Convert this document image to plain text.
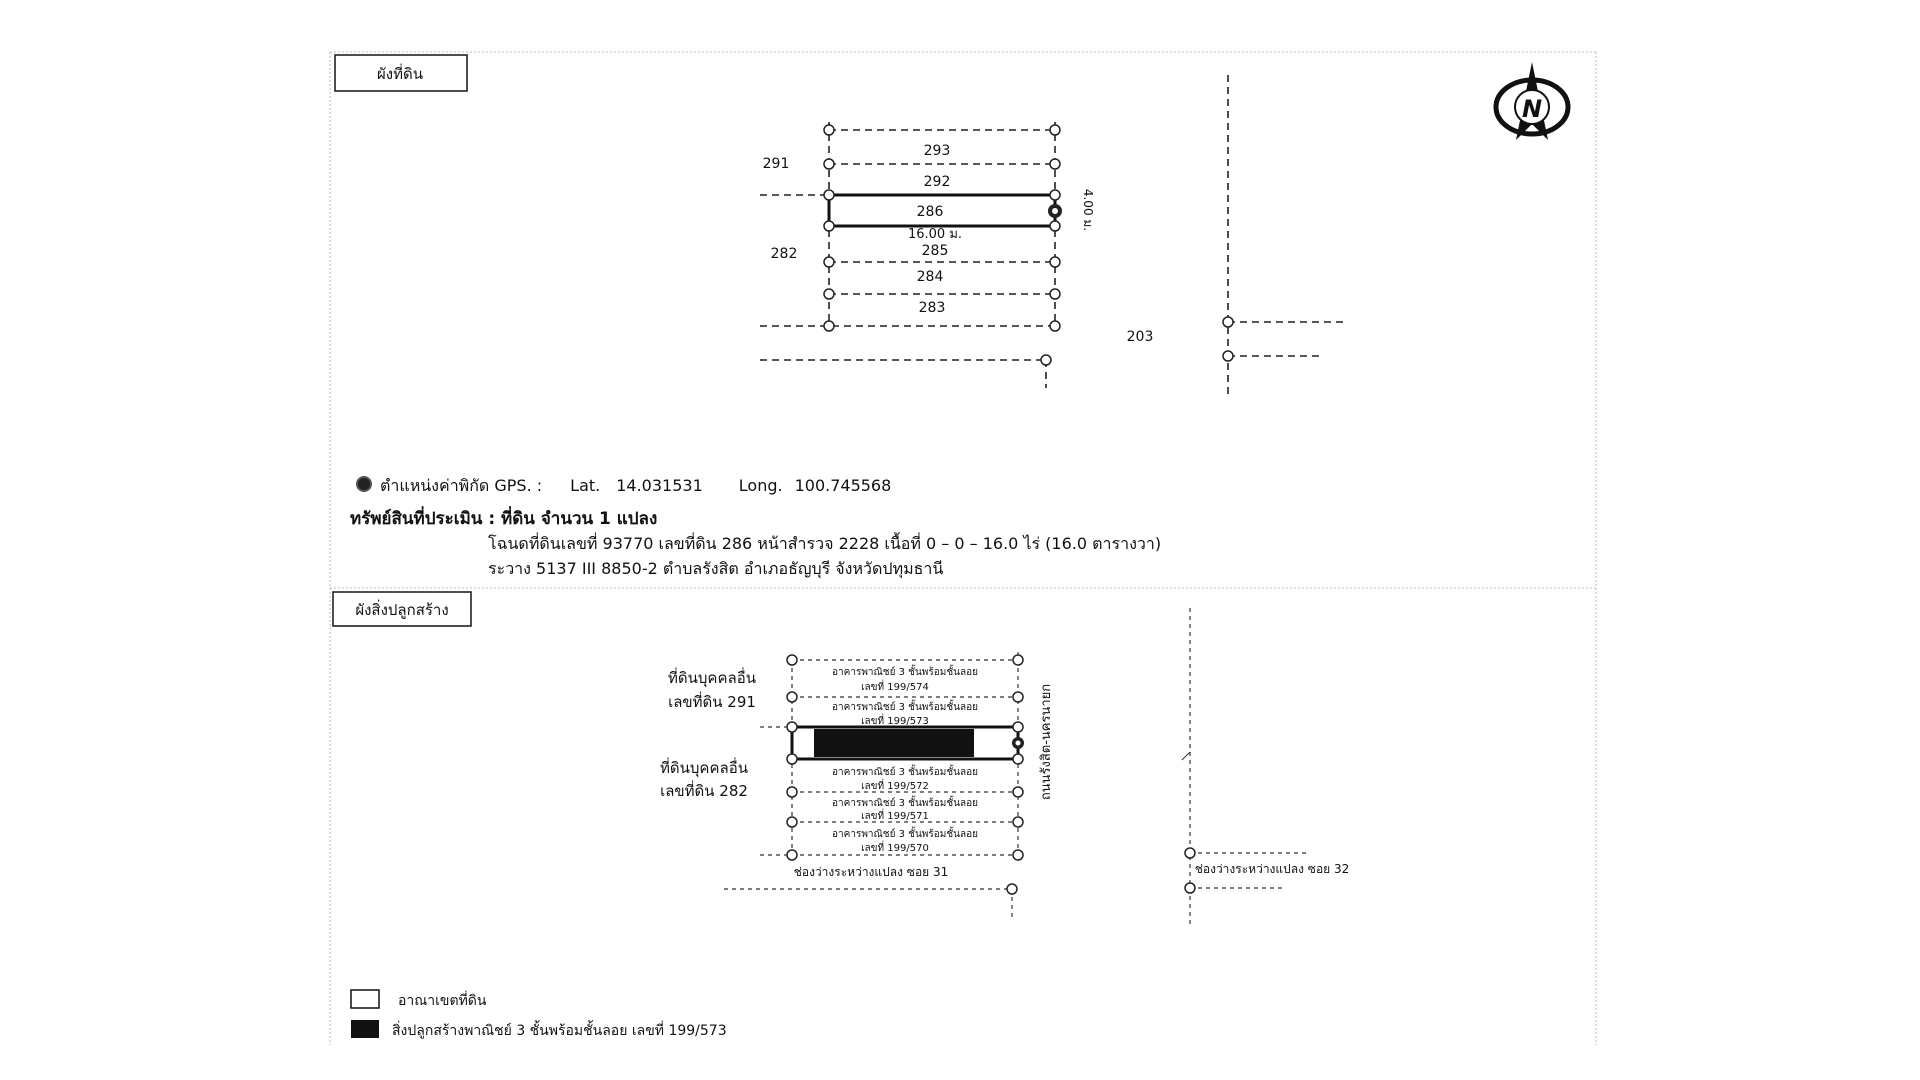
ผังที่ดิน
N
293
292
286
16.00 ม.
285
284
283
291
282
203
4.00 ม.
ผังสิ่งปลูกสร้าง
อาคารพาณิชย์ 3 ชั้นพร้อมชั้นลอย
เลขที่ 199/574
อาคารพาณิชย์ 3 ชั้นพร้อมชั้นลอย
เลขที่ 199/573
อาคารพาณิชย์ 3 ชั้นพร้อมชั้นลอย
เลขที่ 199/572
อาคารพาณิชย์ 3 ชั้นพร้อมชั้นลอย
เลขที่ 199/571
อาคารพาณิชย์ 3 ชั้นพร้อมชั้นลอย
เลขที่ 199/570
ที่ดินบุคคลอื่น
เลขที่ดิน 291
ที่ดินบุคคลอื่น
เลขที่ดิน 282	ถนนรังสิต-นครนายก
ช่องว่างระหว่างแปลง ซอย 31	ช่องว่างระหว่างแปลง ซอย 32
อาณาเขตที่ดิน
สิ่งปลูกสร้างพาณิชย์ 3 ชั้นพร้อมชั้นลอย เลขที่ 199/573
ตำแหน่งค่าพิกัด GPS. : Lat. 14.031531 Long. 100.745568
ทรัพย์สินที่ประเมิน : ที่ดิน จำนวน 1 แปลง
โฉนดที่ดินเลขที่ 93770 เลขที่ดิน 286 หน้าสำรวจ 2228 เนื้อที่ 0 – 0 – 16.0 ไร่ (16.0 ตารางวา)
ระวาง 5137 III 8850-2 ตำบลรังสิต อำเภอธัญบุรี จังหวัดปทุมธานี
